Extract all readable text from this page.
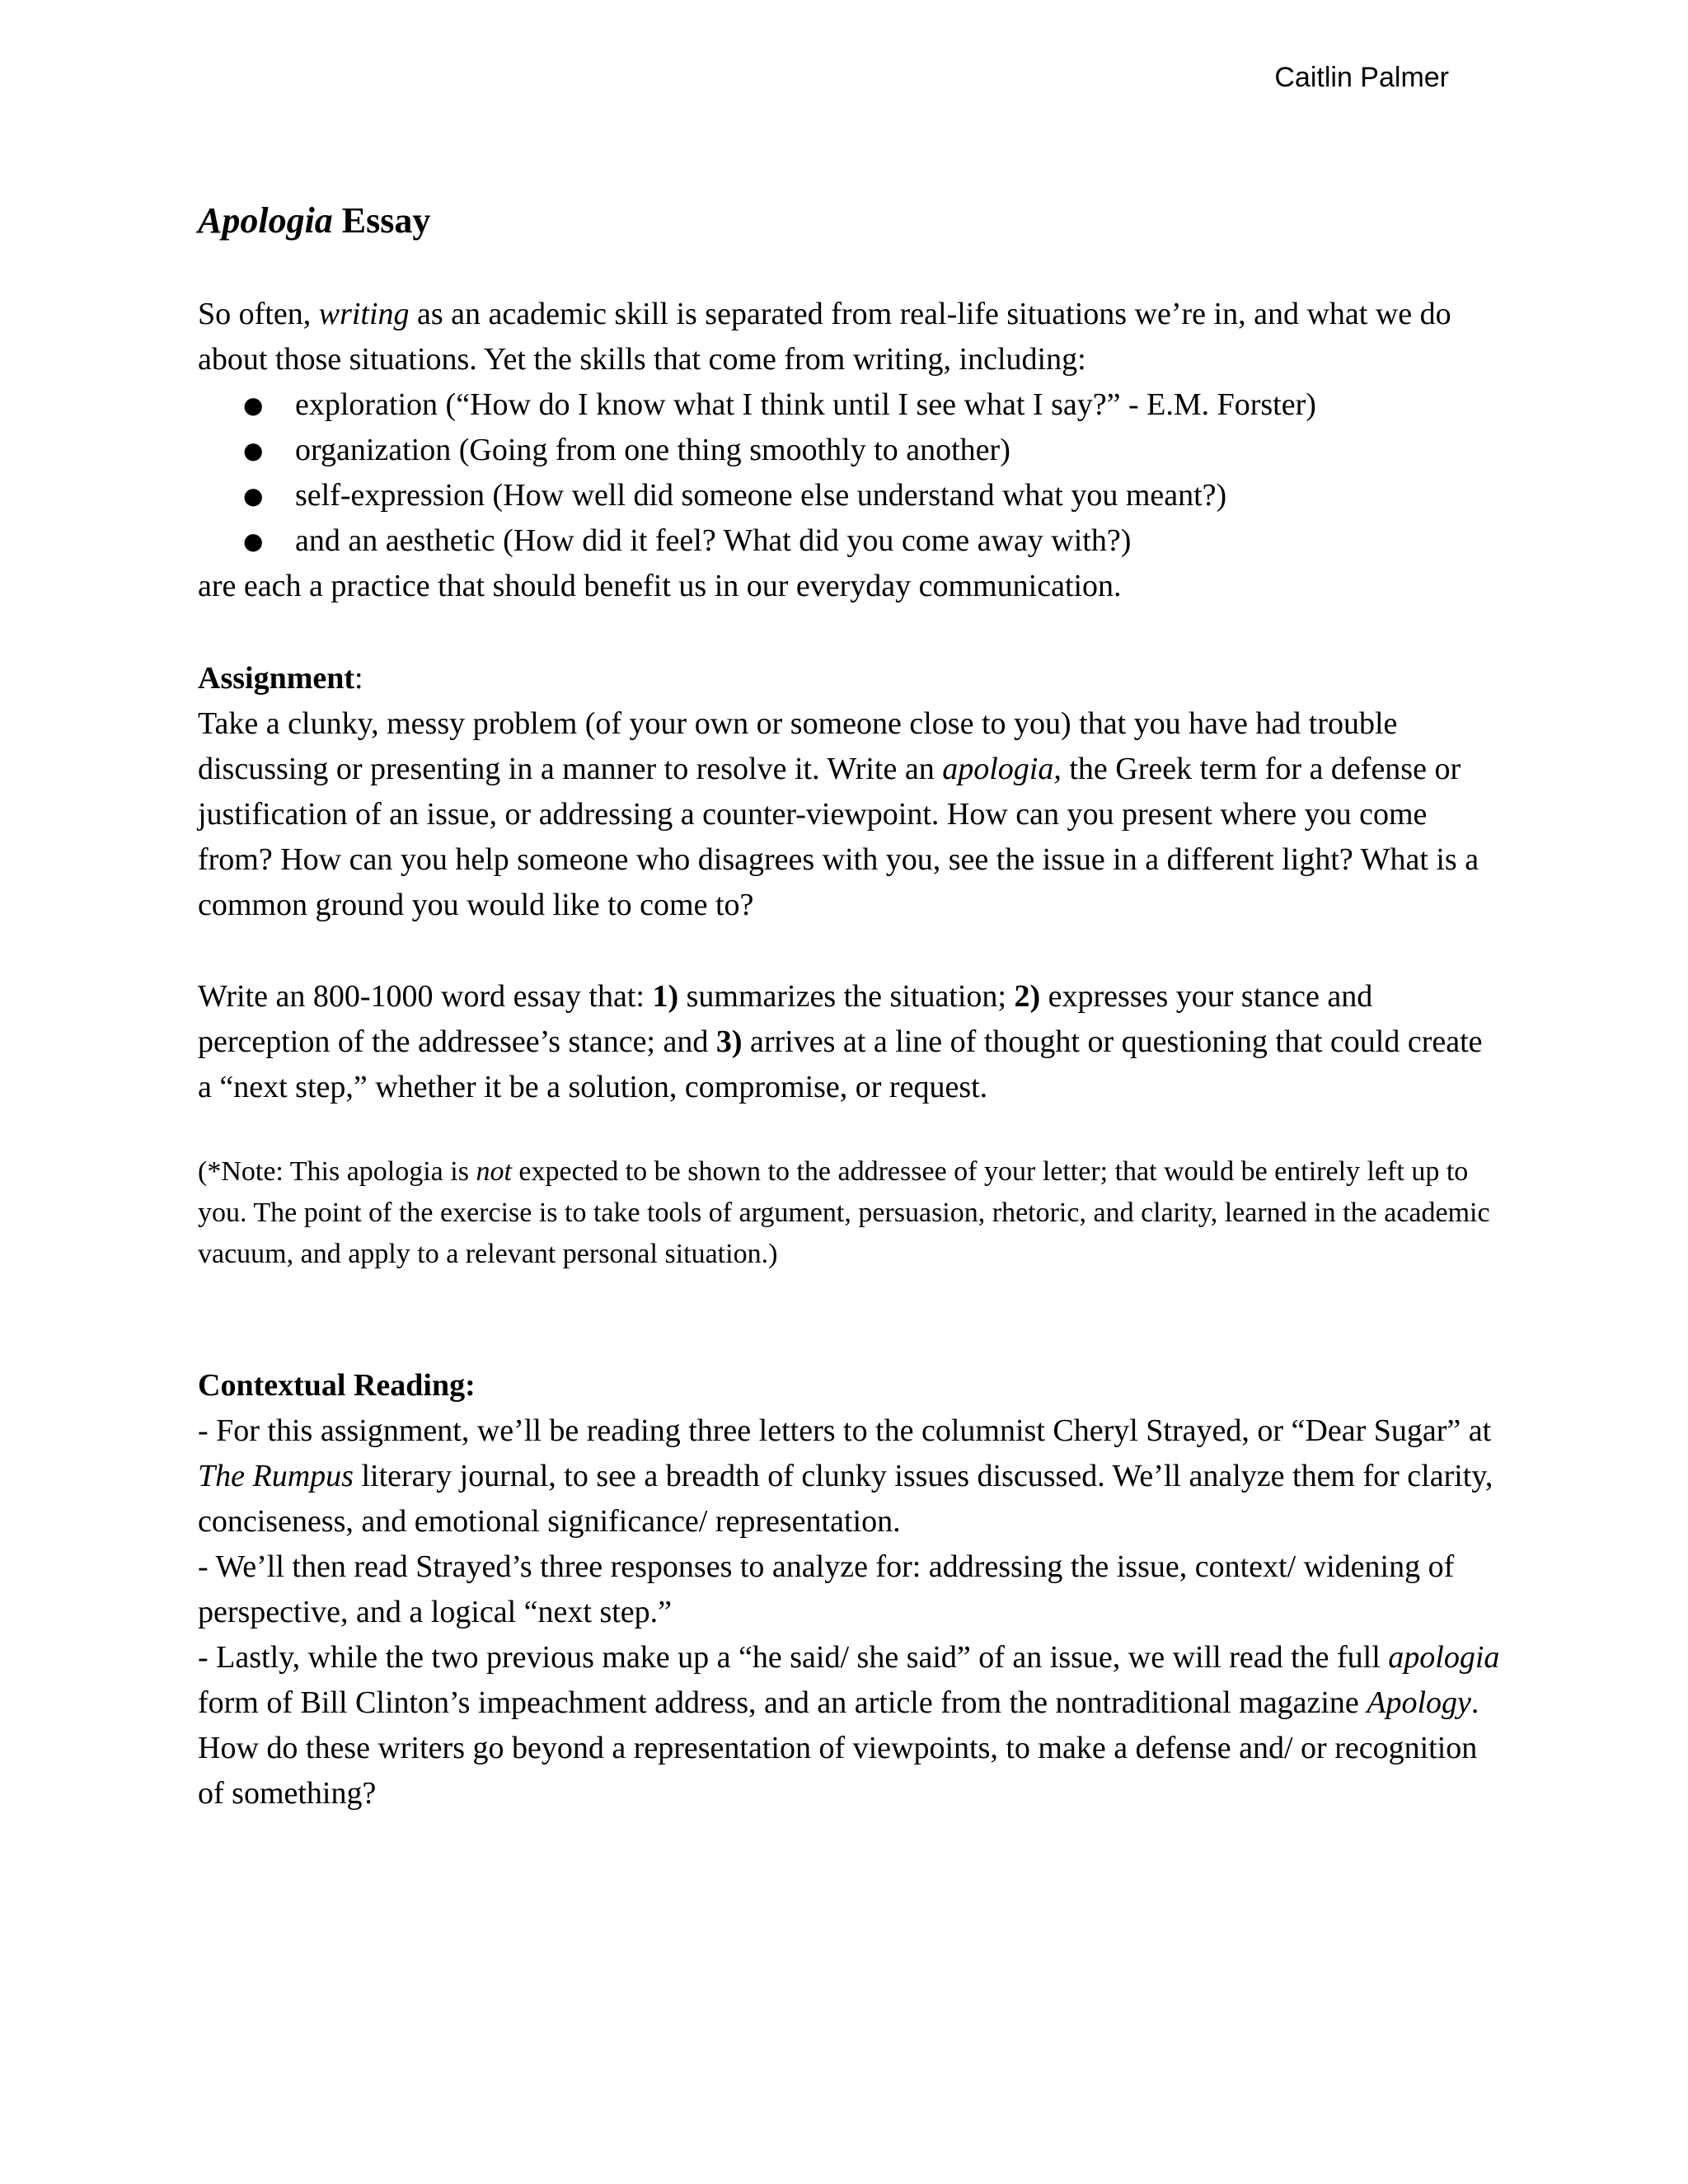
Caitlin Palmer
Apologia Essay

So often, writing as an academic skill is separated from real-life situations we’re in, and what we do about those situations. Yet the skills that come from writing, including:

● exploration (“How do I know what I think until I see what I say?” - E.M. Forster)
● organization (Going from one thing smoothly to another)
● self-expression (How well did someone else understand what you meant?)
● and an aesthetic (How did it feel? What did you come away with?)

are each a practice that should benefit us in our everyday communication.

Assignment:

Take a clunky, messy problem (of your own or someone close to you) that you have had trouble discussing or presenting in a manner to resolve it. Write an apologia, the Greek term for a defense or justification of an issue, or addressing a counter-viewpoint. How can you present where you come from? How can you help someone who disagrees with you, see the issue in a different light? What is a common ground you would like to come to?

Write an 800-1000 word essay that: 1) summarizes the situation; 2) expresses your stance and perception of the addressee’s stance; and 3) arrives at a line of thought or questioning that could create a “next step,” whether it be a solution, compromise, or request.

(*Note: This apologia is not expected to be shown to the addressee of your letter; that would be entirely left up to you. The point of the exercise is to take tools of argument, persuasion, rhetoric, and clarity, learned in the academic vacuum, and apply to a relevant personal situation.)

Contextual Reading:

- For this assignment, we’ll be reading three letters to the columnist Cheryl Strayed, or “Dear Sugar” at The Rumpus literary journal, to see a breadth of clunky issues discussed. We’ll analyze them for clarity, conciseness, and emotional significance/ representation.

- We’ll then read Strayed’s three responses to analyze for: addressing the issue, context/ widening of perspective, and a logical “next step.”

- Lastly, while the two previous make up a “he said/ she said” of an issue, we will read the full apologia form of Bill Clinton’s impeachment address, and an article from the nontraditional magazine Apology. How do these writers go beyond a representation of viewpoints, to make a defense and/ or recognition of something?
